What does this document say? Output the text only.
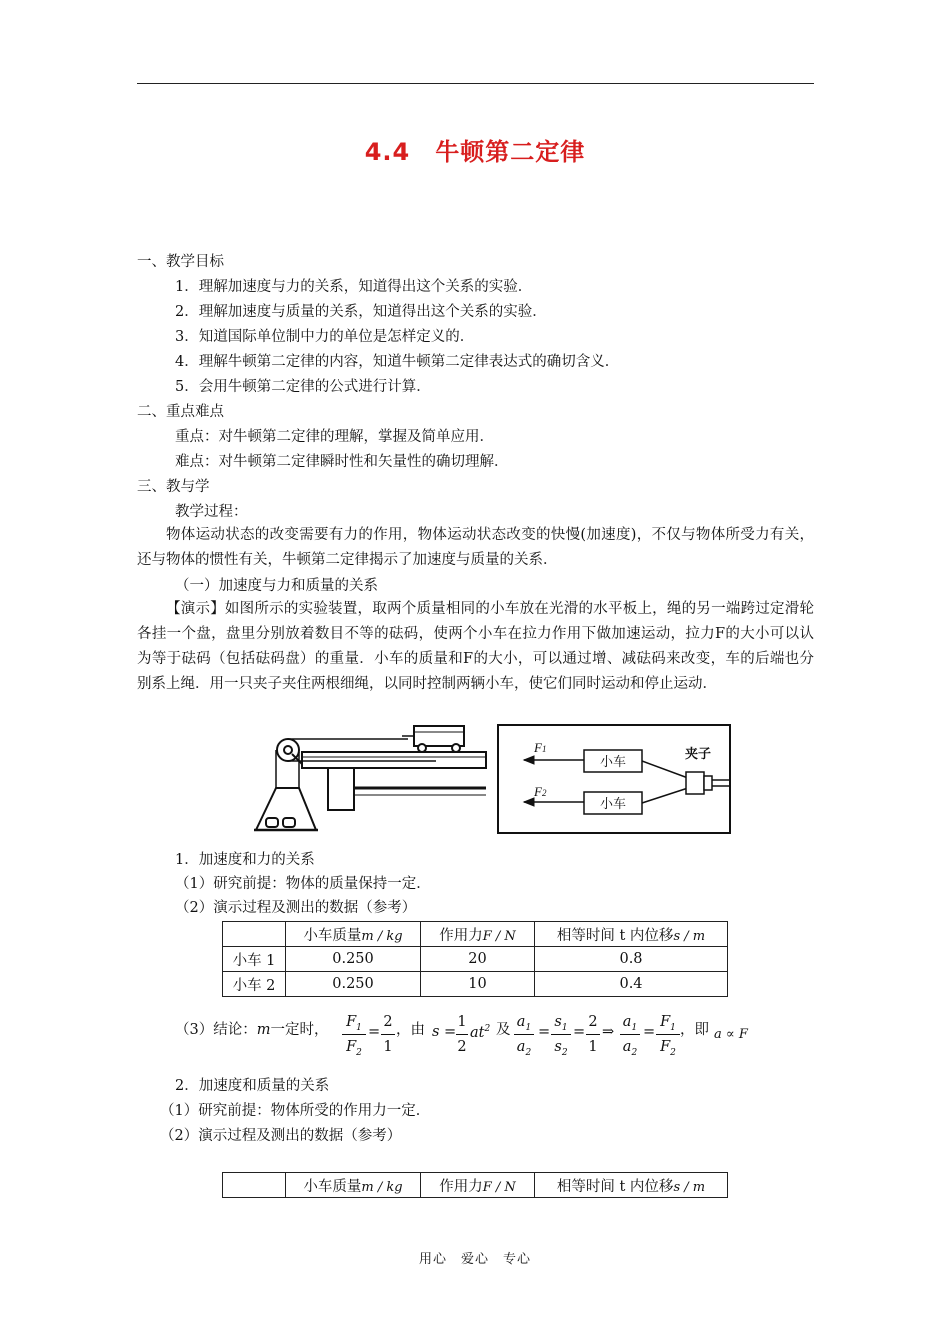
4.4　牛顿第二定律
一、教学目标
1．理解加速度与力的关系，知道得出这个关系的实验．
2．理解加速度与质量的关系，知道得出这个关系的实验．
3．知道国际单位制中力的单位是怎样定义的．
4．理解牛顿第二定律的内容，知道牛顿第二定律表达式的确切含义．
5．会用牛顿第二定律的公式进行计算．
二、重点难点
重点：对牛顿第二定律的理解，掌握及简单应用．
难点：对牛顿第二定律瞬时性和矢量性的确切理解．
三、教与学
教学过程：
物体运动状态的改变需要有力的作用，物体运动状态改变的快慢(加速度)，不仅与物体所受力有关，还与物体的惯性有关，牛顿第二定律揭示了加速度与质量的关系．
（一）加速度与力和质量的关系
【演示】如图所示的实验装置，取两个质量相同的小车放在光滑的水平板上，绳的另一端跨过定滑轮各挂一个盘，盘里分别放着数目不等的砝码，使两个小车在拉力作用下做加速运动，拉力F的大小可以认为等于砝码（包括砝码盘）的重量．小车的质量和F的大小，可以通过增、减砝码来改变，车的后端也分别系上绳．用一只夹子夹住两根细绳，以同时控制两辆小车，使它们同时运动和停止运动．
F1
F2
小车
小车
夹子
1．加速度和力的关系
（1）研究前提：物体的质量保持一定．
（2）演示过程及测出的数据（参考）
	小车质量m / kg	作用力F / N	相等时间 t 内位移s / m
小车 1	0.250	20	0.8
小车 2	0.250	10	0.4
（3）结论：m一定时， $F_1$
$F_2$
=
2
1
，由 s =
1
2
$at^2$ 及 $a_1$
$a_2$
=
$s_1$
$s_2$
=
2
1
⇒
$a_1$
$a_2$
=
$F_1$
$F_2$
，即 a ∝ F
2．加速度和质量的关系
（1）研究前提：物体所受的作用力一定．
（2）演示过程及测出的数据（参考）
	小车质量m / kg	作用力F / N	相等时间 t 内位移s / m
用心　爱心　专心
